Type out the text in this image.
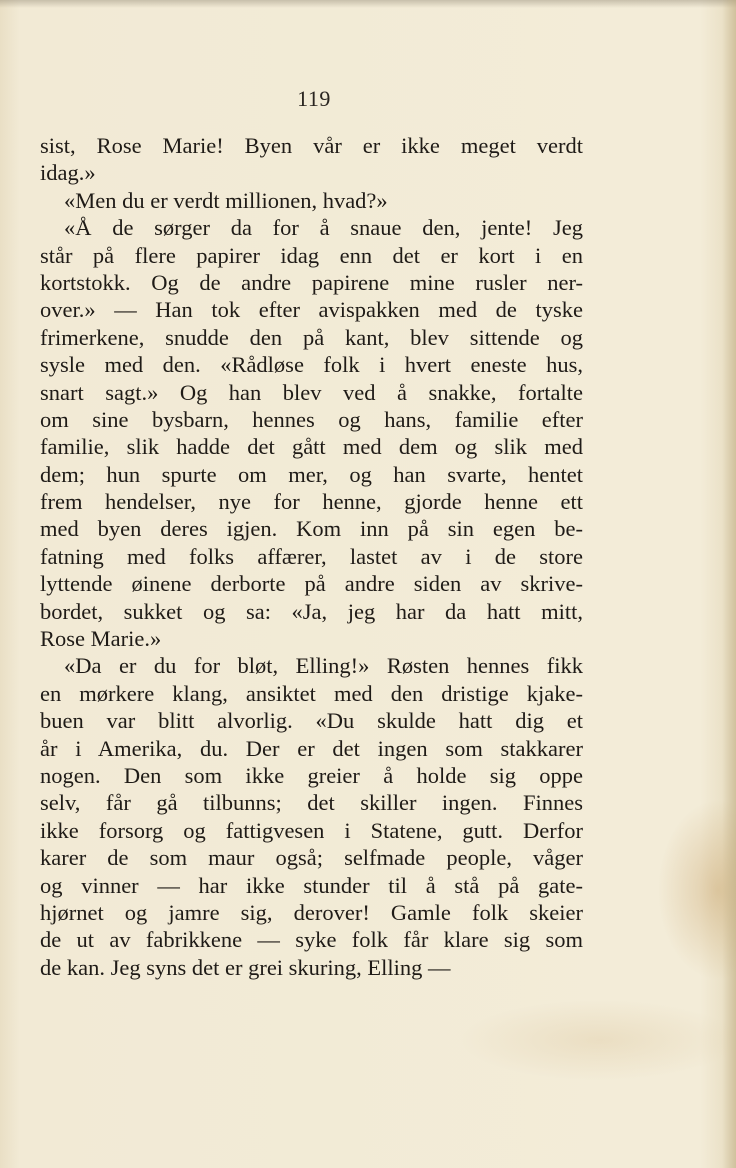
119
sist, Rose Marie! Byen vår er ikke meget verdt
idag.»
«Men du er verdt millionen, hvad?»
«Å de sørger da for å snaue den, jente! Jeg
står på flere papirer idag enn det er kort i en
kortstokk. Og de andre papirene mine rusler ner-
over.» — Han tok efter avispakken med de tyske
frimerkene, snudde den på kant, blev sittende og
sysle med den. «Rådløse folk i hvert eneste hus,
snart sagt.» Og han blev ved å snakke, fortalte
om sine bysbarn, hennes og hans, familie efter
familie, slik hadde det gått med dem og slik med
dem; hun spurte om mer, og han svarte, hentet
frem hendelser, nye for henne, gjorde henne ett
med byen deres igjen. Kom inn på sin egen be-
fatning med folks affærer, lastet av i de store
lyttende øinene derborte på andre siden av skrive-
bordet, sukket og sa: «Ja, jeg har da hatt mitt,
Rose Marie.»
«Da er du for bløt, Elling!» Røsten hennes fikk
en mørkere klang, ansiktet med den dristige kjake-
buen var blitt alvorlig. «Du skulde hatt dig et
år i Amerika, du. Der er det ingen som stakkarer
nogen. Den som ikke greier å holde sig oppe
selv, får gå tilbunns; det skiller ingen. Finnes
ikke forsorg og fattigvesen i Statene, gutt. Derfor
karer de som maur også; selfmade people, våger
og vinner — har ikke stunder til å stå på gate-
hjørnet og jamre sig, derover! Gamle folk skeier
de ut av fabrikkene — syke folk får klare sig som
de kan. Jeg syns det er grei skuring, Elling —
